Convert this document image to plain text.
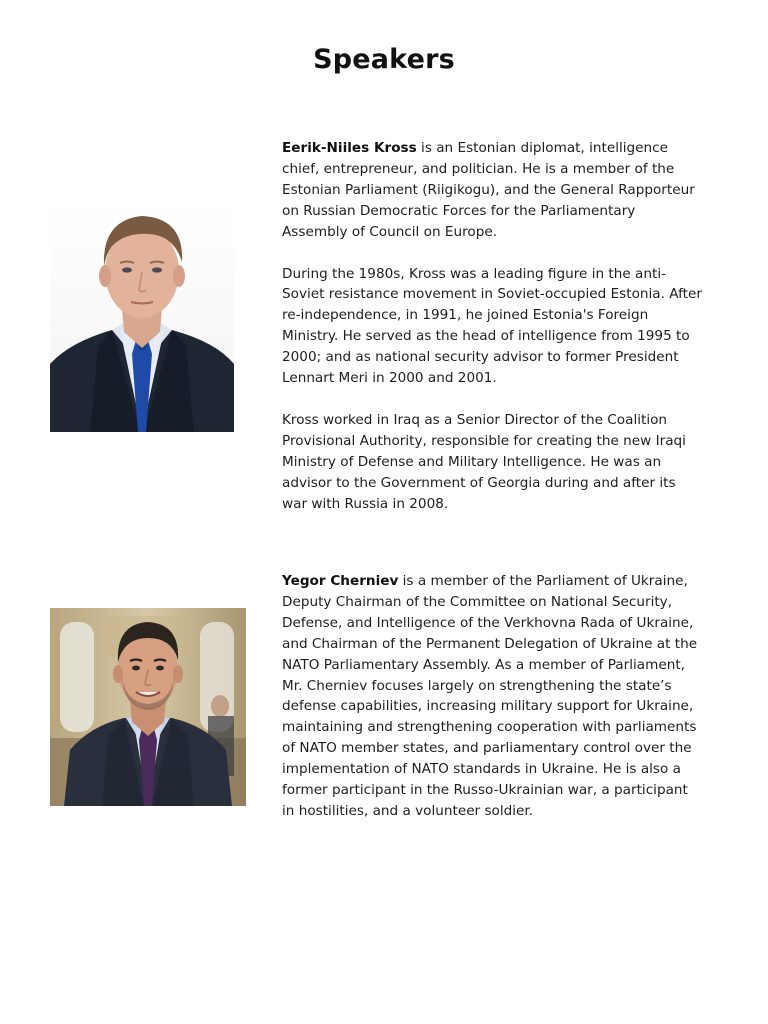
Speakers

Eerik-Niiles Kross is an Estonian diplomat, intelligence chief, entrepreneur, and politician. He is a member of the Estonian Parliament (Riigikogu), and the General Rapporteur on Russian Democratic Forces for the Parliamentary Assembly of Council on Europe.

During the 1980s, Kross was a leading figure in the anti-Soviet resistance movement in Soviet-occupied Estonia. After re-independence, in 1991, he joined Estonia's Foreign Ministry. He served as the head of intelligence from 1995 to 2000; and as national security advisor to former President Lennart Meri in 2000 and 2001.

Kross worked in Iraq as a Senior Director of the Coalition Provisional Authority, responsible for creating the new Iraqi Ministry of Defense and Military Intelligence. He was an advisor to the Government of Georgia during and after its war with Russia in 2008.

Yegor Cherniev is a member of the Parliament of Ukraine, Deputy Chairman of the Committee on National Security, Defense, and Intelligence of the Verkhovna Rada of Ukraine, and Chairman of the Permanent Delegation of Ukraine at the NATO Parliamentary Assembly. As a member of Parliament, Mr. Cherniev focuses largely on strengthening the state’s defense capabilities, increasing military support for Ukraine, maintaining and strengthening cooperation with parliaments of NATO member states, and parliamentary control over the implementation of NATO standards in Ukraine. He is also a former participant in the Russo-Ukrainian war, a participant in hostilities, and a volunteer soldier.
